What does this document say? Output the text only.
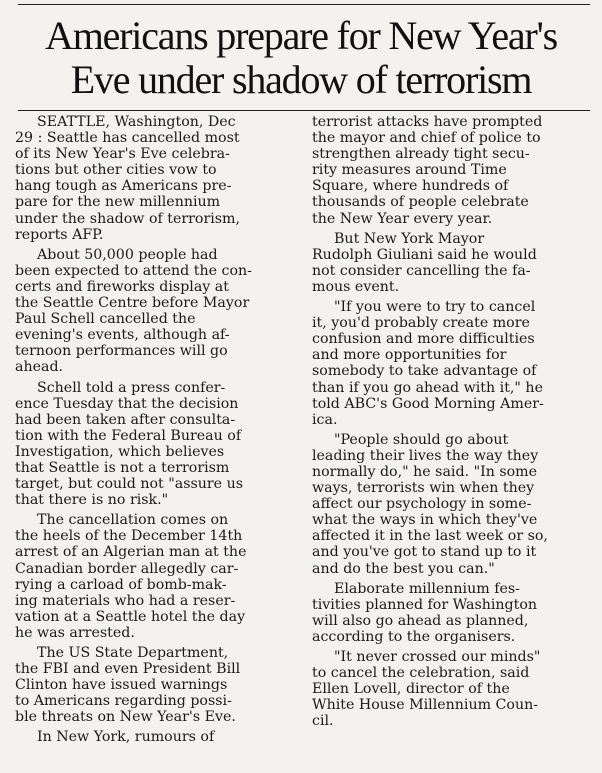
Americans prepare for New Year's
Eve under shadow of terrorism
SEATTLE, Washington, Dec
29 : Seattle has cancelled most
of its New Year's Eve celebra-
tions but other cities vow to
hang tough as Americans pre-
pare for the new millennium
under the shadow of terrorism,
reports AFP.
About 50,000 people had
been expected to attend the con-
certs and fireworks display at
the Seattle Centre before Mayor
Paul Schell cancelled the
evening's events, although af-
ternoon performances will go
ahead.
Schell told a press confer-
ence Tuesday that the decision
had been taken after consulta-
tion with the Federal Bureau of
Investigation, which believes
that Seattle is not a terrorism
target, but could not "assure us
that there is no risk."
The cancellation comes on
the heels of the December 14th
arrest of an Algerian man at the
Canadian border allegedly car-
rying a carload of bomb-mak-
ing materials who had a reser-
vation at a Seattle hotel the day
he was arrested.
The US State Department,
the FBI and even President Bill
Clinton have issued warnings
to Americans regarding possi-
ble threats on New Year's Eve.
In New York, rumours of
terrorist attacks have prompted
the mayor and chief of police to
strengthen already tight secu-
rity measures around Time
Square, where hundreds of
thousands of people celebrate
the New Year every year.
But New York Mayor
Rudolph Giuliani said he would
not consider cancelling the fa-
mous event.
"If you were to try to cancel
it, you'd probably create more
confusion and more difficulties
and more opportunities for
somebody to take advantage of
than if you go ahead with it," he
told ABC's Good Morning Amer-
ica.
"People should go about
leading their lives the way they
normally do," he said. "In some
ways, terrorists win when they
affect our psychology in some-
what the ways in which they've
affected it in the last week or so,
and you've got to stand up to it
and do the best you can."
Elaborate millennium fes-
tivities planned for Washington
will also go ahead as planned,
according to the organisers.
"It never crossed our minds"
to cancel the celebration, said
Ellen Lovell, director of the
White House Millennium Coun-
cil.
